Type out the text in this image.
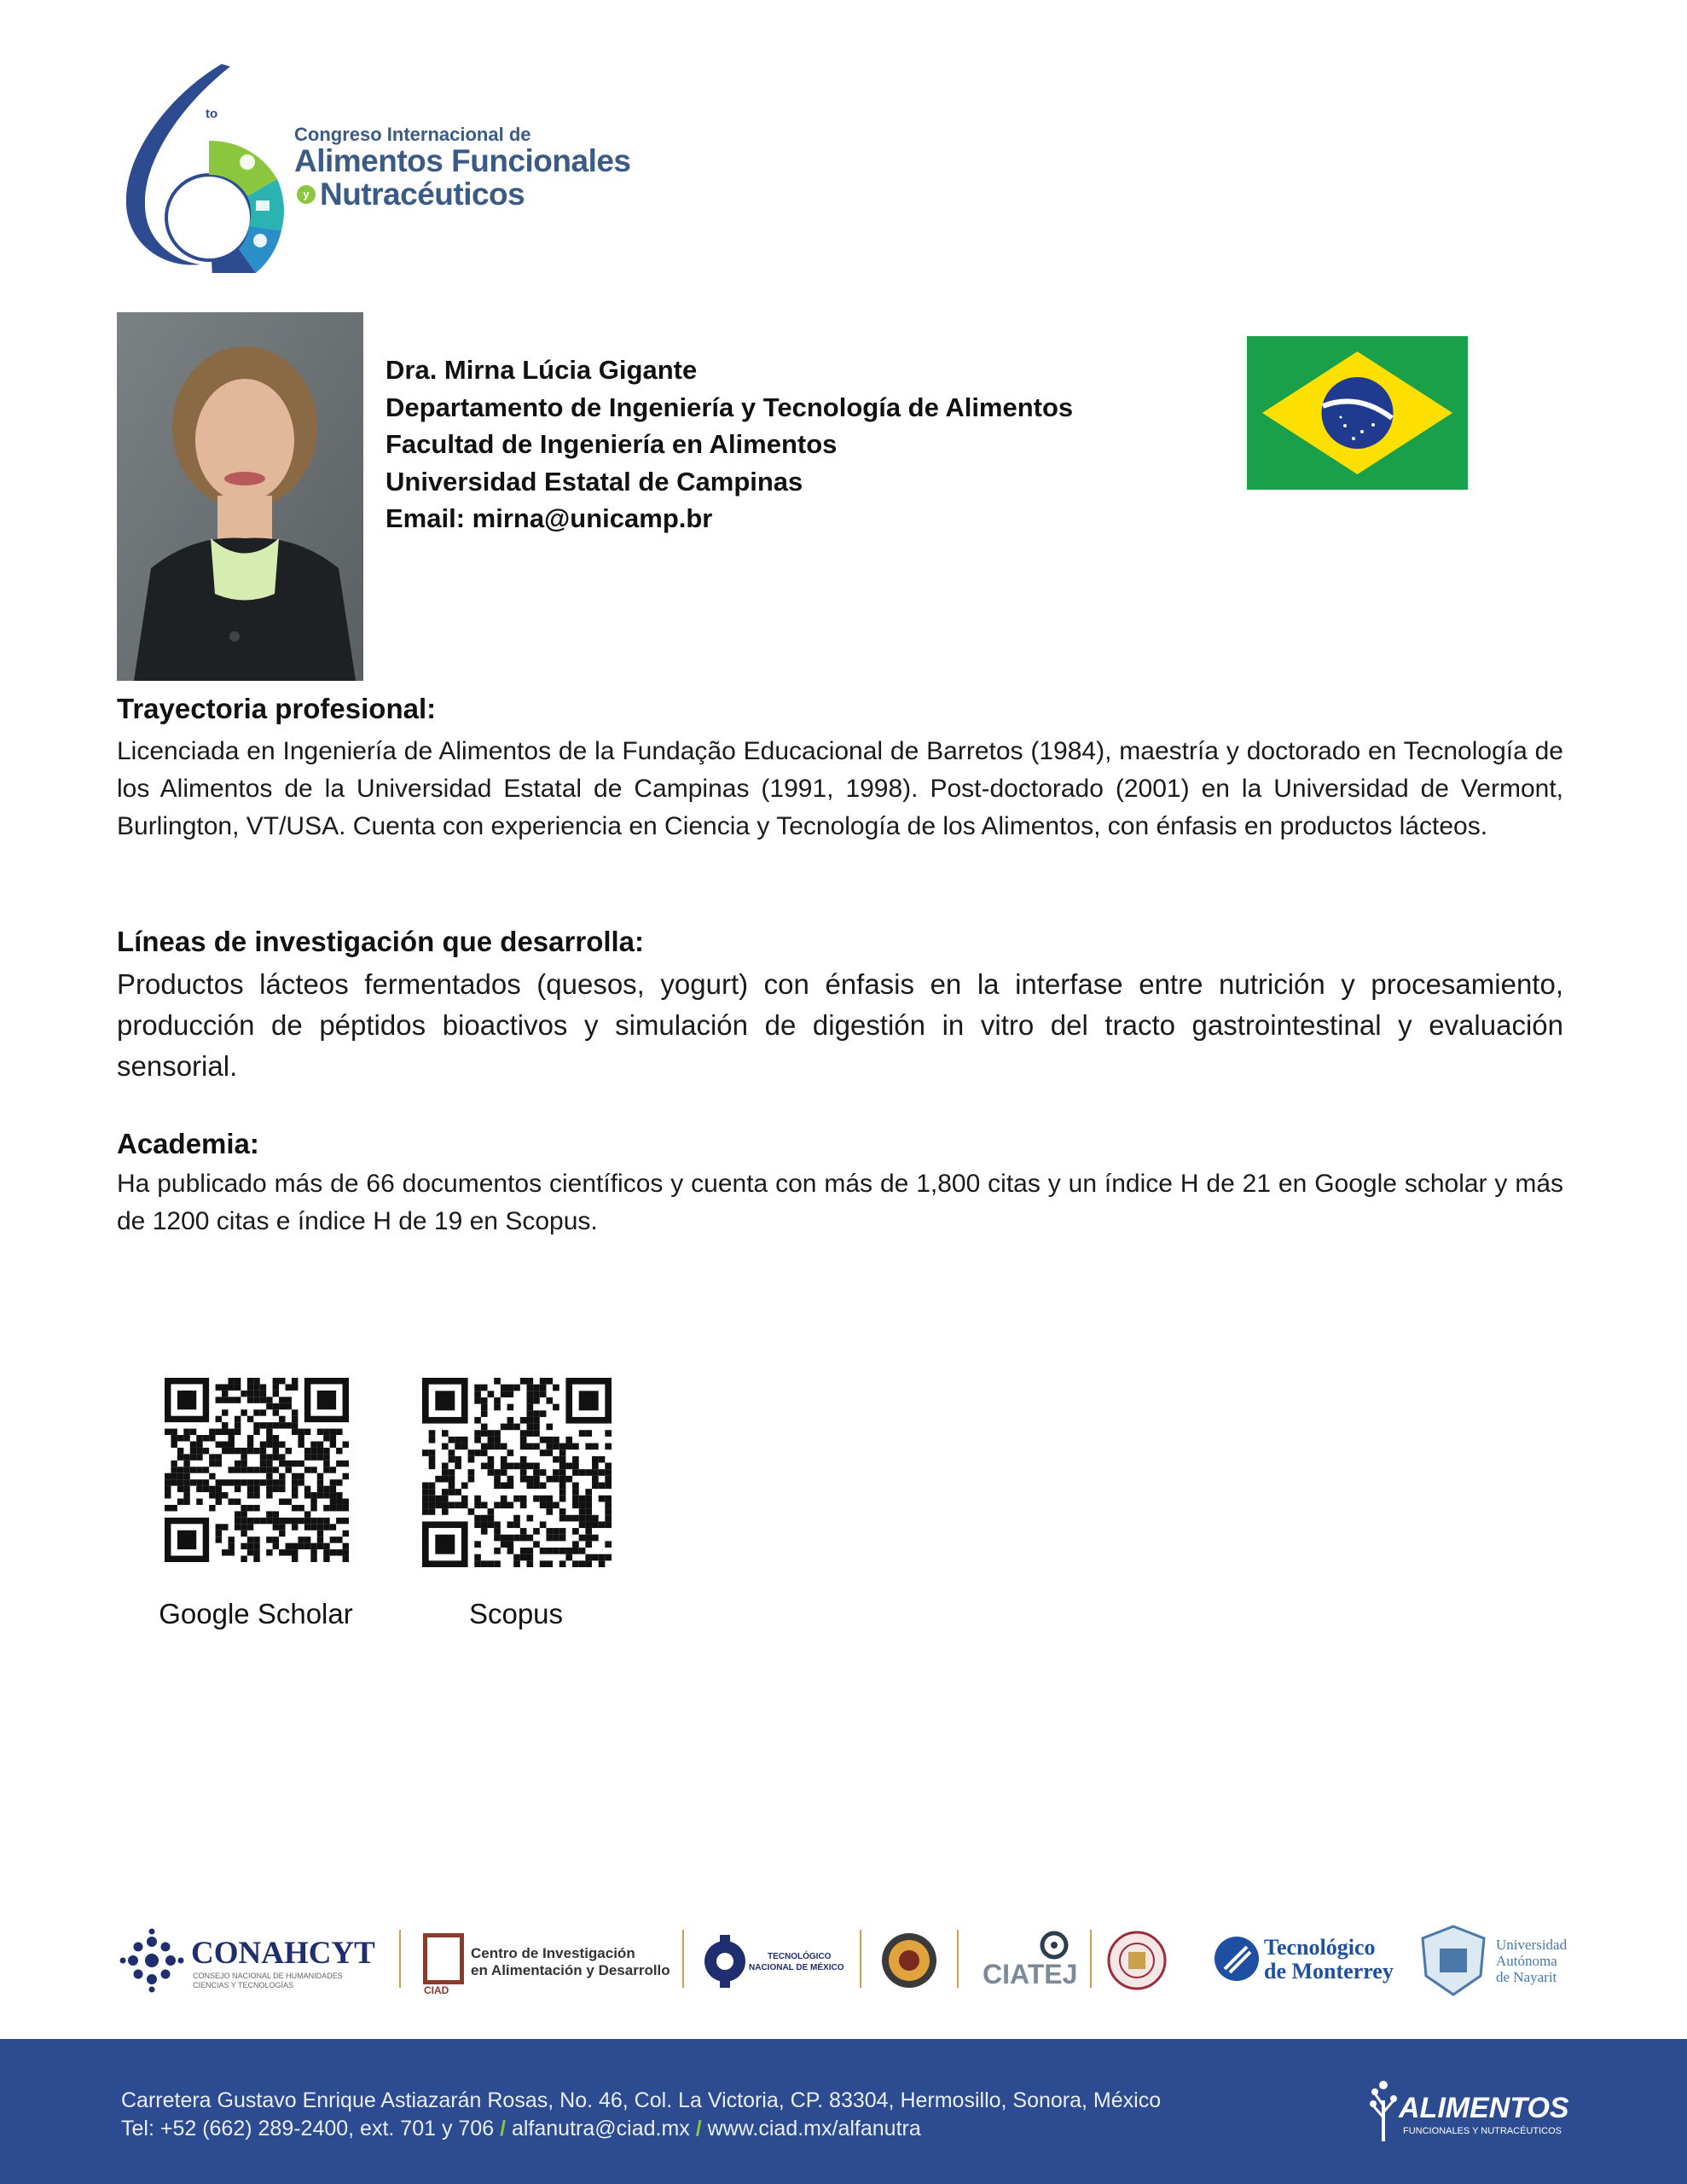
to
Congreso Internacional de
Alimentos Funcionales
y Nutracéuticos
Dra. Mirna Lúcia Gigante
Departamento de Ingeniería y Tecnología de Alimentos
Facultad de Ingeniería en Alimentos
Universidad Estatal de Campinas
Email: mirna@unicamp.br
Trayectoria profesional:
Licenciada en Ingeniería de Alimentos de la Fundação Educacional de Barretos (1984), maestría y doctorado en Tecnología de los Alimentos de la Universidad Estatal de Campinas (1991, 1998). Post-doctorado (2001) en la Universidad de Vermont, Burlington, VT/USA. Cuenta con experiencia en Ciencia y Tecnología de los Alimentos, con énfasis en productos lácteos.
Líneas de investigación que desarrolla:
Productos lácteos fermentados (quesos, yogurt) con énfasis en la interfase entre nutrición y procesamiento, producción de péptidos bioactivos y simulación de digestión in vitro del tracto gastrointestinal y evaluación sensorial.
Academia:
Ha publicado más de 66 documentos científicos y cuenta con más de 1,800 citas y un índice H de 21 en Google scholar y más de 1200 citas e índice H de 19 en Scopus.
Google Scholar	Scopus
CONAHCYT
CONSEJO NACIONAL DE HUMANIDADES
CIENCIAS Y TECNOLOGÍAS	CIAD
Centro de Investigación
en Alimentación y Desarrollo
TECNOLÓGICO
NACIONAL DE MÉXICO	CIATEJ
Tecnológico
de Monterrey
Universidad
Autónoma
de Nayarit
Carretera Gustavo Enrique Astiazarán Rosas, No. 46, Col. La Victoria, CP. 83304, Hermosillo, Sonora, México
Tel: +52 (662) 289-2400, ext. 701 y 706 / alfanutra@ciad.mx / www.ciad.mx/alfanutra
ALIMENTOS
FUNCIONALES Y NUTRACÉUTICOS
